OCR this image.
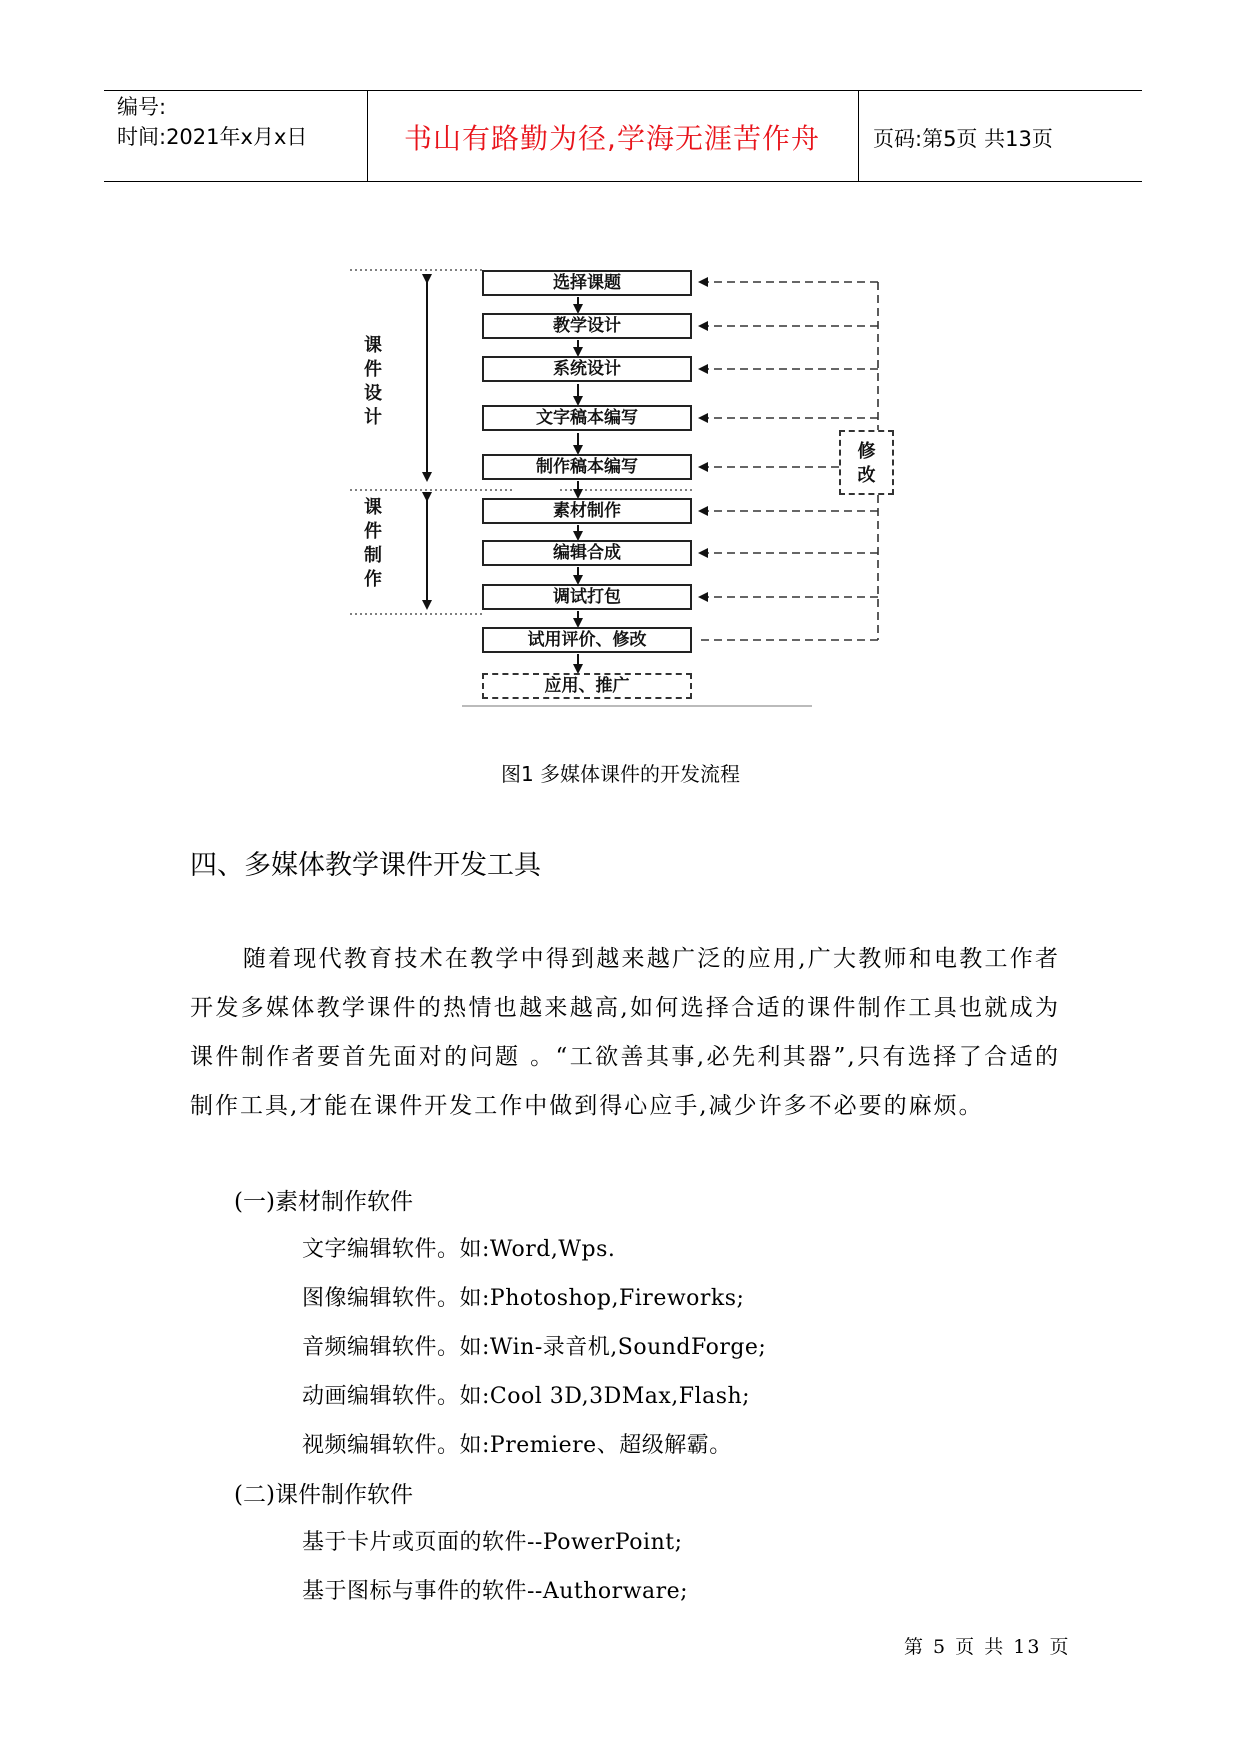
编号:
时间:2021年x月x日	书山有路勤为径,学海无涯苦作舟	页码:第5页 共13页
选择课题
教学设计
系统设计
文字稿本编写
制作稿本编写
素材制作
编辑合成
调试打包
试用评价、修改
应用、推广
课
件
设
计
课
件
制
作
修
改
图1 多媒体课件的开发流程
四、多媒体教学课件开发工具

随着现代教育技术在教学中得到越来越广泛的应用,广大教师和电教工作者开发多媒体教学课件的热情也越来越高,如何选择合适的课件制作工具也就成为课件制作者要首先面对的问题 。“工欲善其事,必先利其器”,只有选择了合适的制作工具,才能在课件开发工作中做到得心应手,减少许多不必要的麻烦。

(一)素材制作软件
文字编辑软件。如:Word,Wps.
图像编辑软件。如:Photoshop,Fireworks;
音频编辑软件。如:Win-录音机,SoundForge;
动画编辑软件。如:Cool 3D,3DMax,Flash;
视频编辑软件。如:Premiere、超级解霸。
(二)课件制作软件
基于卡片或页面的软件--PowerPoint;
基于图标与事件的软件--Authorware;
第 5 页 共 13 页
